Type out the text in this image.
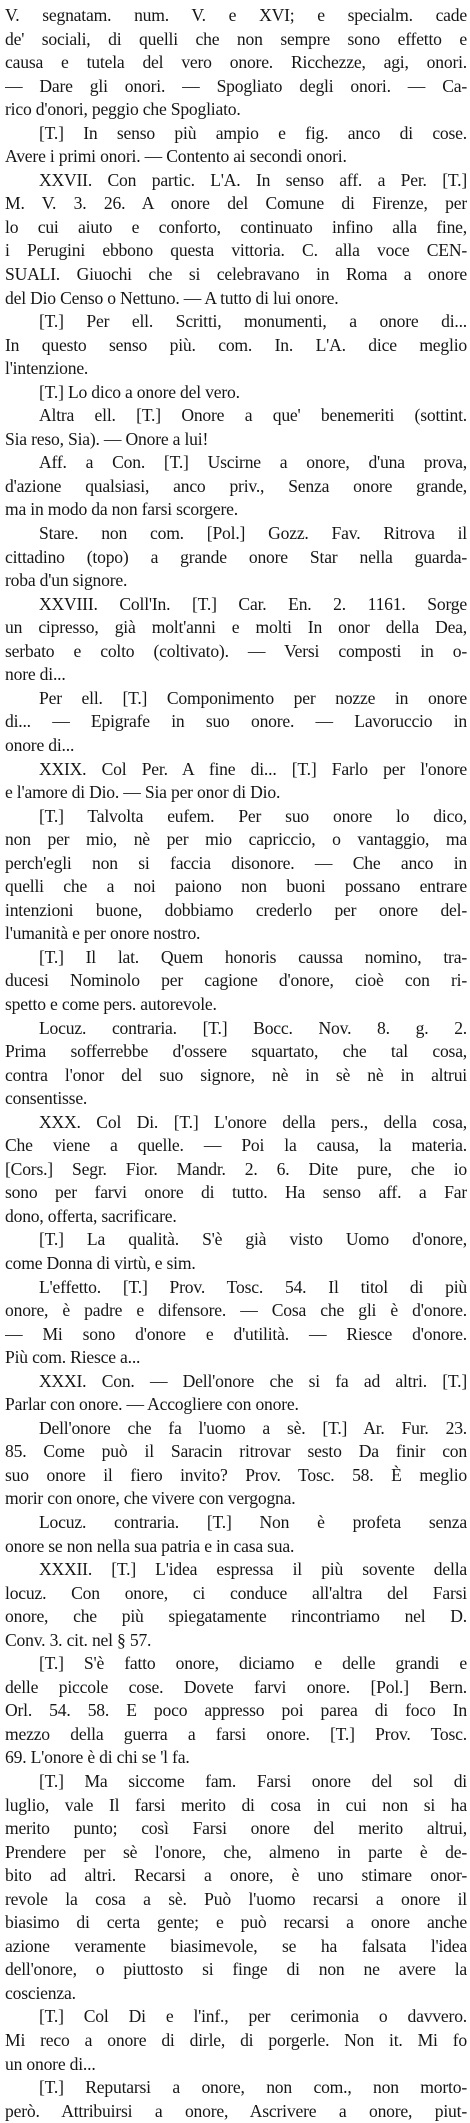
V. segnatam. num. V. e XVI; e specialm. cade
de' sociali, di quelli che non sempre sono effetto e
causa e tutela del vero onore. Ricchezze, agi, onori.
— Dare gli onori. — Spogliato degli onori. — Ca-
rico d'onori, peggio che Spogliato.
[T.] In senso più ampio e fig. anco di cose.
Avere i primi onori. — Contento ai secondi onori.
XXVII. Con partic. L'A. In senso aff. a Per. [T.]
M. V. 3. 26. A onore del Comune di Firenze, per
lo cui aiuto e conforto, continuato infino alla fine,
i Perugini ebbono questa vittoria. C. alla voce CEN-
SUALI. Giuochi che si celebravano in Roma a onore
del Dio Censo o Nettuno. — A tutto di lui onore.
[T.] Per ell. Scritti, monumenti, a onore di...
In questo senso più. com. In. L'A. dice meglio
l'intenzione.
[T.] Lo dico a onore del vero.
Altra ell. [T.] Onore a que' benemeriti (sottint.
Sia reso, Sia). — Onore a lui!
Aff. a Con. [T.] Uscirne a onore, d'una prova,
d'azione qualsiasi, anco priv., Senza onore grande,
ma in modo da non farsi scorgere.
Stare. non com. [Pol.] Gozz. Fav. Ritrova il
cittadino (topo) a grande onore Star nella guarda-
roba d'un signore.
XXVIII. Coll'In. [T.] Car. En. 2. 1161. Sorge
un cipresso, già molt'anni e molti In onor della Dea,
serbato e colto (coltivato). — Versi composti in o-
nore di...
Per ell. [T.] Componimento per nozze in onore
di... — Epigrafe in suo onore. — Lavoruccio in
onore di...
XXIX. Col Per. A fine di... [T.] Farlo per l'onore
e l'amore di Dio. — Sia per onor di Dio.
[T.] Talvolta eufem. Per suo onore lo dico,
non per mio, nè per mio capriccio, o vantaggio, ma
perch'egli non si faccia disonore. — Che anco in
quelli che a noi paiono non buoni possano entrare
intenzioni buone, dobbiamo crederlo per onore del-
l'umanità e per onore nostro.
[T.] Il lat. Quem honoris caussa nomino, tra-
ducesi Nominolo per cagione d'onore, cioè con ri-
spetto e come pers. autorevole.
Locuz. contraria. [T.] Bocc. Nov. 8. g. 2.
Prima sofferrebbe d'ossere squartato, che tal cosa,
contra l'onor del suo signore, nè in sè nè in altrui
consentisse.
XXX. Col Di. [T.] L'onore della pers., della cosa,
Che viene a quelle. — Poi la causa, la materia.
[Cors.] Segr. Fior. Mandr. 2. 6. Dite pure, che io
sono per farvi onore di tutto. Ha senso aff. a Far
dono, offerta, sacrificare.
[T.] La qualità. S'è già visto Uomo d'onore,
come Donna di virtù, e sim.
L'effetto. [T.] Prov. Tosc. 54. Il titol di più
onore, è padre e difensore. — Cosa che gli è d'onore.
— Mi sono d'onore e d'utilità. — Riesce d'onore.
Più com. Riesce a...
XXXI. Con. — Dell'onore che si fa ad altri. [T.]
Parlar con onore. — Accogliere con onore.
Dell'onore che fa l'uomo a sè. [T.] Ar. Fur. 23.
85. Come può il Saracin ritrovar sesto Da finir con
suo onore il fiero invito? Prov. Tosc. 58. È meglio
morir con onore, che vivere con vergogna.
Locuz. contraria. [T.] Non è profeta senza
onore se non nella sua patria e in casa sua.
XXXII. [T.] L'idea espressa il più sovente della
locuz. Con onore, ci conduce all'altra del Farsi
onore, che più spiegatamente rincontriamo nel D.
Conv. 3. cit. nel § 57.
[T.] S'è fatto onore, diciamo e delle grandi e
delle piccole cose. Dovete farvi onore. [Pol.] Bern.
Orl. 54. 58. E poco appresso poi parea di foco In
mezzo della guerra a farsi onore. [T.] Prov. Tosc.
69. L'onore è di chi se 'l fa.
[T.] Ma siccome fam. Farsi onore del sol di
luglio, vale Il farsi merito di cosa in cui non si ha
merito punto; così Farsi onore del merito altrui,
Prendere per sè l'onore, che, almeno in parte è de-
bito ad altri. Recarsi a onore, è uno stimare onor-
revole la cosa a sè. Può l'uomo recarsi a onore il
biasimo di certa gente; e può recarsi a onore anche
azione veramente biasimevole, se ha falsata l'idea
dell'onore, o piuttosto si finge di non ne avere la
coscienza.
[T.] Col Di e l'inf., per cerimonia o davvero.
Mi reco a onore di dirle, di porgerle. Non it. Mi fo
un onore di...
[T.] Reputarsi a onore, non com., non morto-
però. Attribuirsi a onore, Ascrivere a onore, piut-
